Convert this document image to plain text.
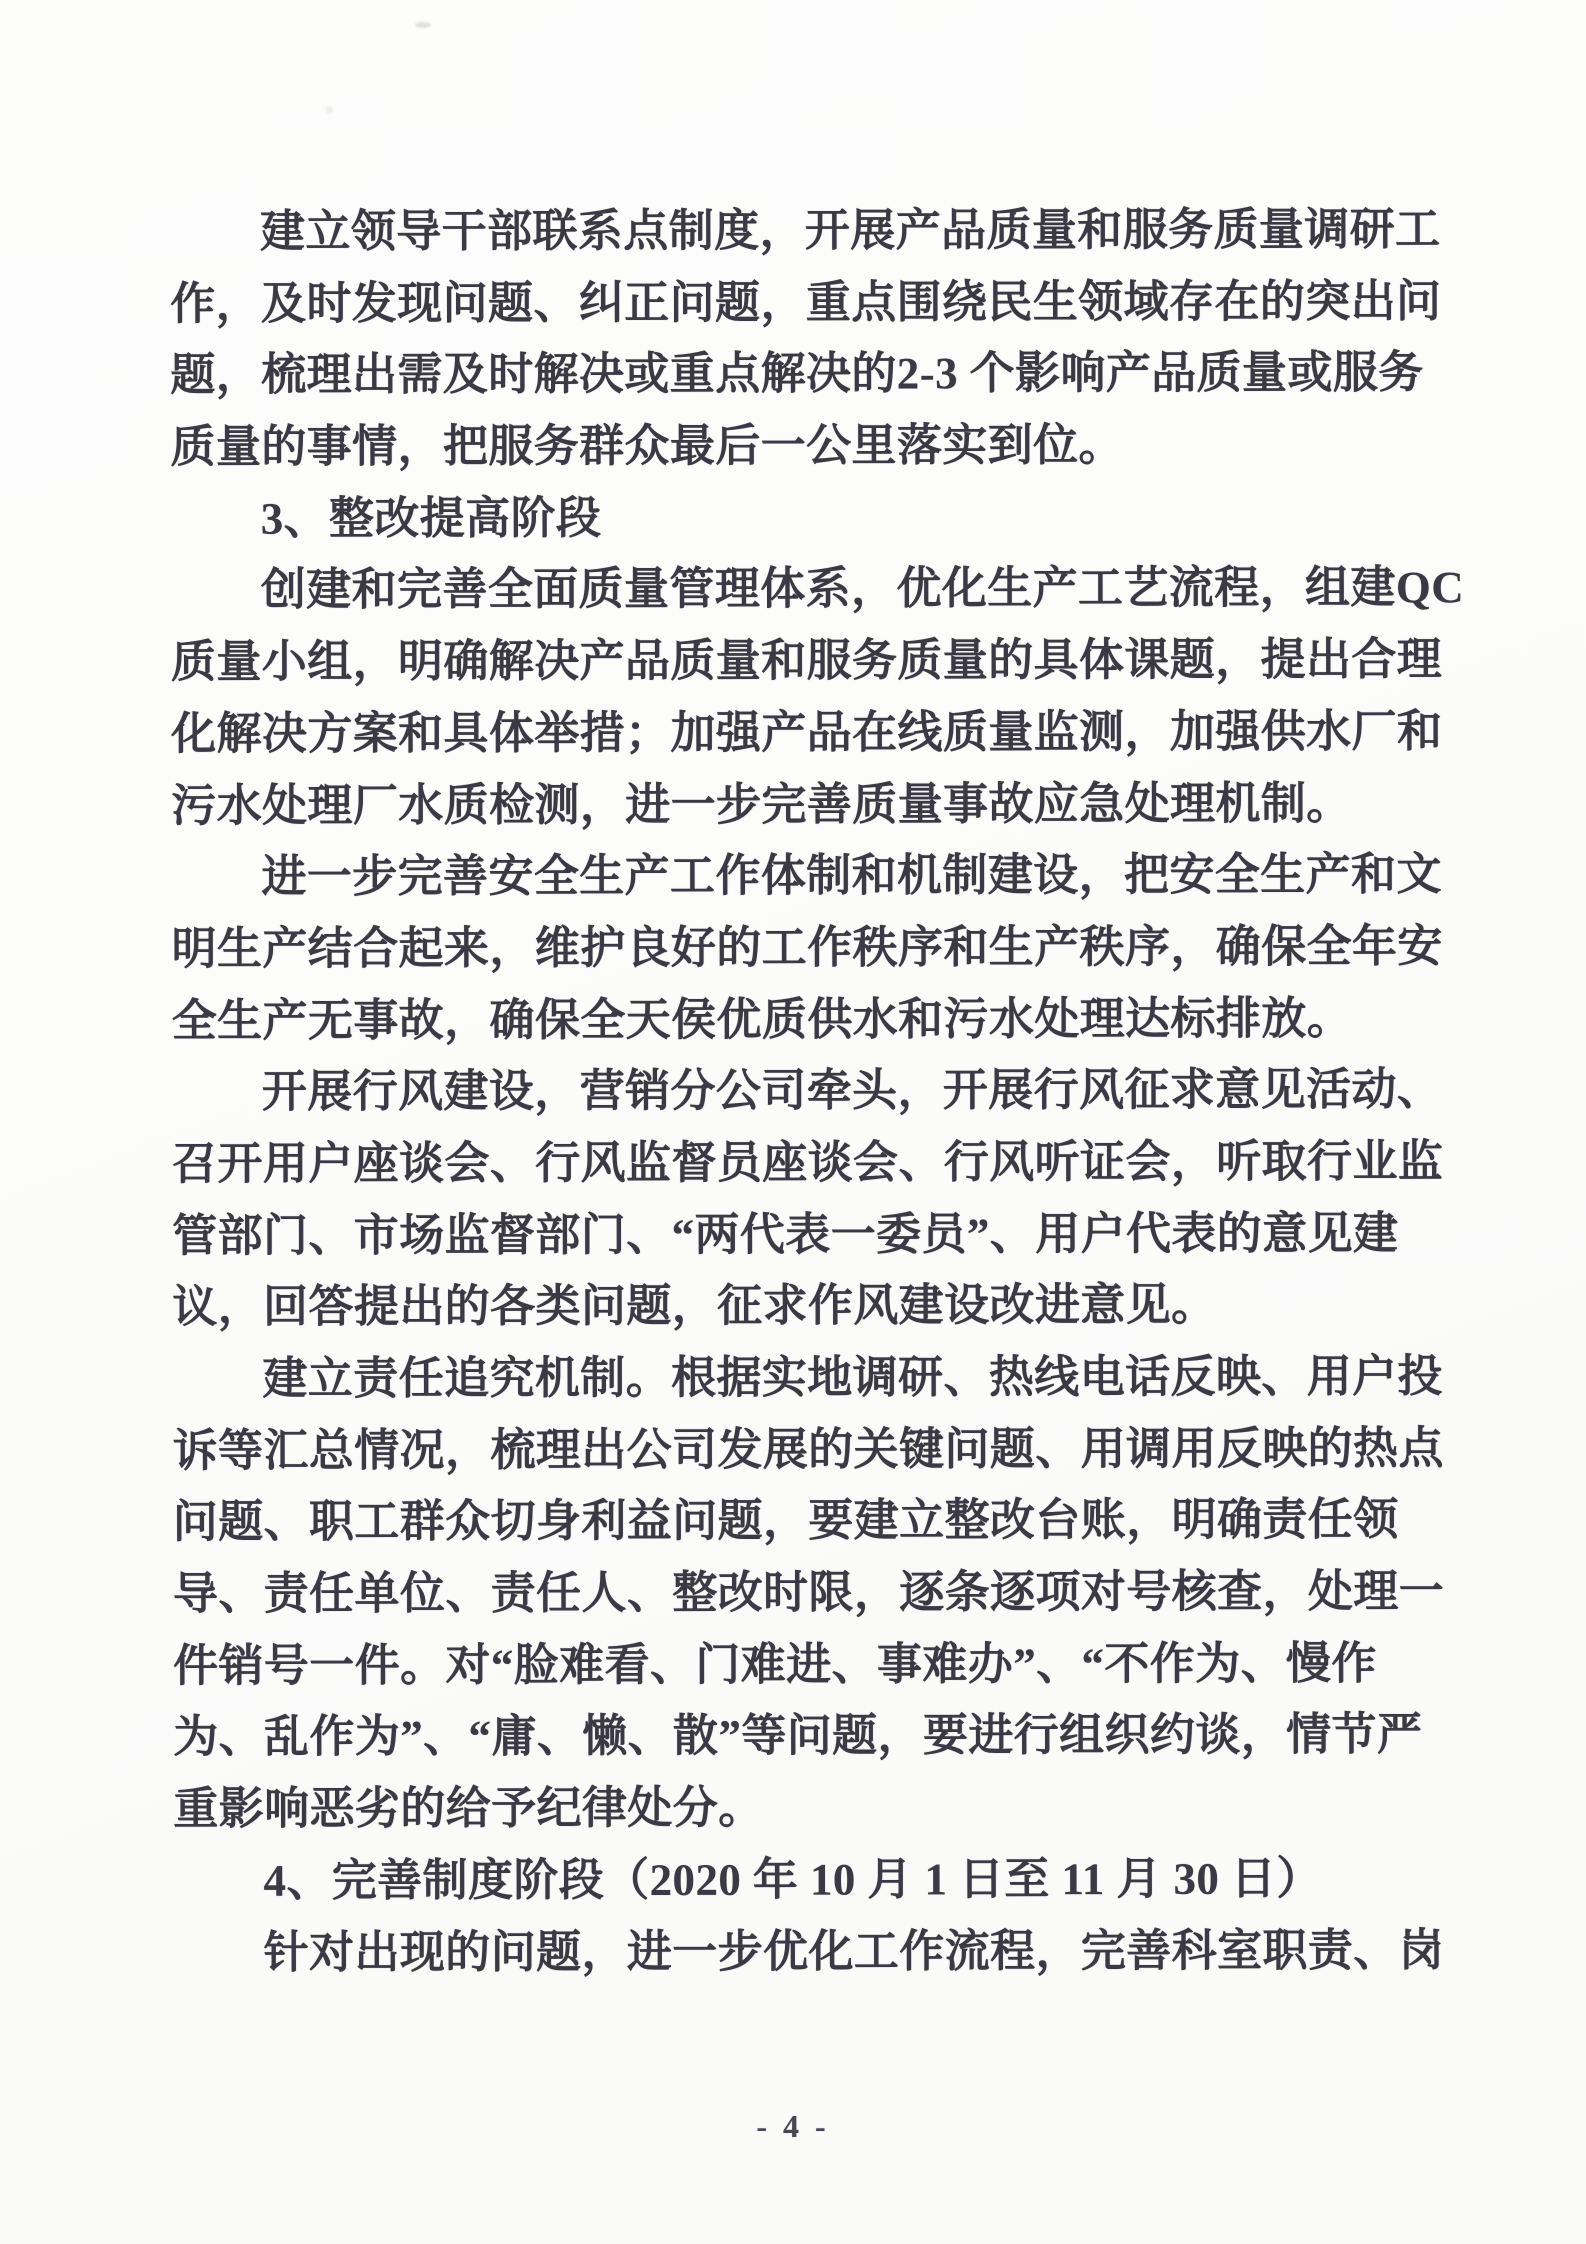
建立领导干部联系点制度，开展产品质量和服务质量调研工
作，及时发现问题、纠正问题，重点围绕民生领域存在的突出问
题，梳理出需及时解决或重点解决的2-3 个影响产品质量或服务
质量的事情，把服务群众最后一公里落实到位。
3、整改提高阶段
创建和完善全面质量管理体系，优化生产工艺流程，组建QC
质量小组，明确解决产品质量和服务质量的具体课题，提出合理
化解决方案和具体举措；加强产品在线质量监测，加强供水厂和
污水处理厂水质检测，进一步完善质量事故应急处理机制。
进一步完善安全生产工作体制和机制建设，把安全生产和文
明生产结合起来，维护良好的工作秩序和生产秩序，确保全年安
全生产无事故，确保全天侯优质供水和污水处理达标排放。
开展行风建设，营销分公司牵头，开展行风征求意见活动、
召开用户座谈会、行风监督员座谈会、行风听证会，听取行业监
管部门、市场监督部门、“两代表一委员”、用户代表的意见建
议，回答提出的各类问题，征求作风建设改进意见。
建立责任追究机制。根据实地调研、热线电话反映、用户投
诉等汇总情况，梳理出公司发展的关键问题、用调用反映的热点
问题、职工群众切身利益问题，要建立整改台账，明确责任领
导、责任单位、责任人、整改时限，逐条逐项对号核查，处理一
件销号一件。对“脸难看、门难进、事难办”、“不作为、慢作
为、乱作为”、“庸、懒、散”等问题，要进行组织约谈，情节严
重影响恶劣的给予纪律处分。
4、完善制度阶段（2020 年 10 月 1 日至 11 月 30 日）
针对出现的问题，进一步优化工作流程，完善科室职责、岗
- 4 -
